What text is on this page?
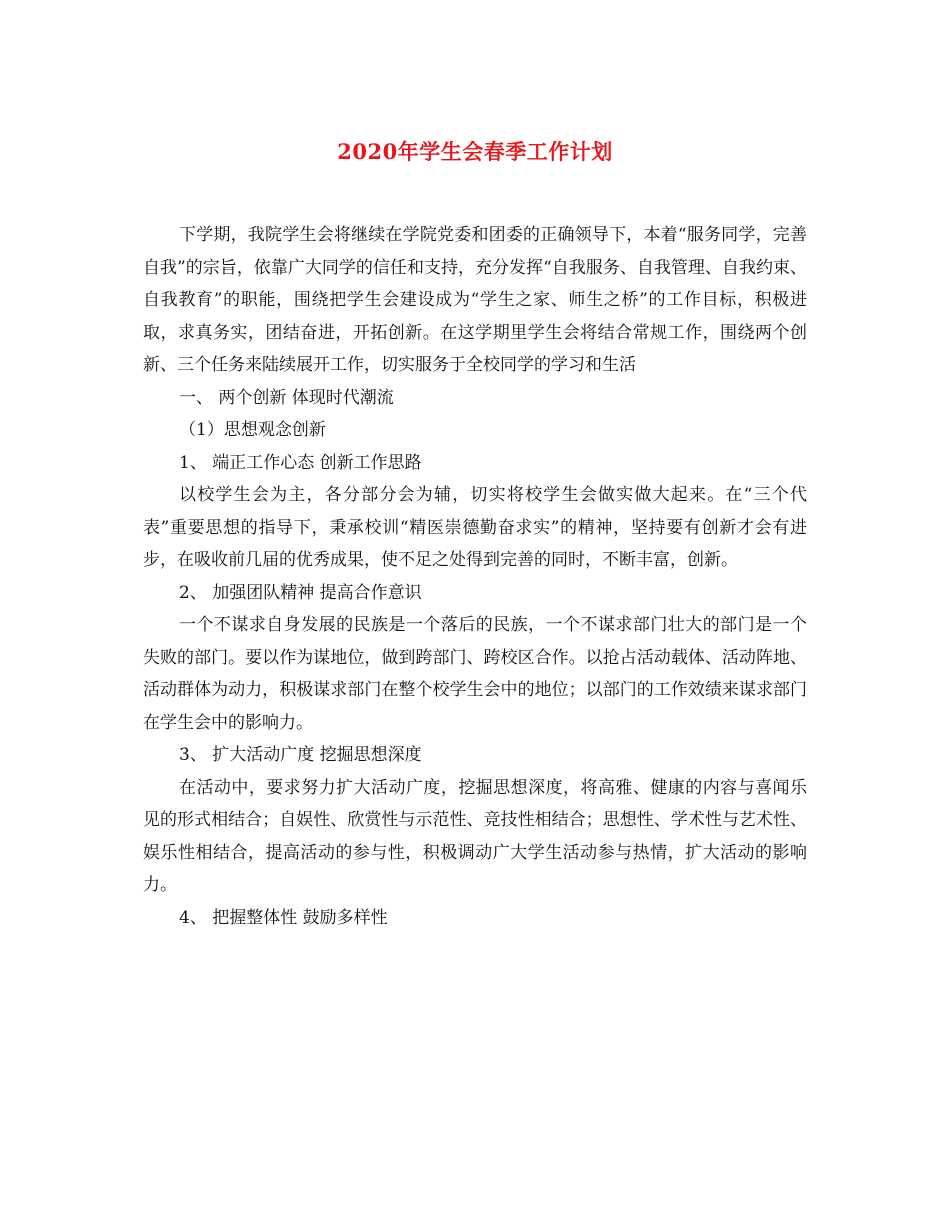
2020年学生会春季工作计划

下学期，我院学生会将继续在学院党委和团委的正确领导下，本着“服务同学，完善自我”的宗旨，依靠广大同学的信任和支持，充分发挥“自我服务、自我管理、自我约束、自我教育”的职能，围绕把学生会建设成为“学生之家、师生之桥”的工作目标，积极进取，求真务实，团结奋进，开拓创新。在这学期里学生会将结合常规工作，围绕两个创新、三个任务来陆续展开工作，切实服务于全校同学的学习和生活

一、 两个创新 体现时代潮流

（1）思想观念创新

1、 端正工作心态 创新工作思路

以校学生会为主，各分部分会为辅，切实将校学生会做实做大起来。在“三个代表”重要思想的指导下，秉承校训“精医崇德勤奋求实”的精神，坚持要有创新才会有进步，在吸收前几届的优秀成果，使不足之处得到完善的同时，不断丰富，创新。

2、 加强团队精神 提高合作意识

一个不谋求自身发展的民族是一个落后的民族，一个不谋求部门壮大的部门是一个失败的部门。要以作为谋地位，做到跨部门、跨校区合作。以抢占活动载体、活动阵地、活动群体为动力，积极谋求部门在整个校学生会中的地位；以部门的工作效绩来谋求部门在学生会中的影响力。

3、 扩大活动广度 挖掘思想深度

在活动中，要求努力扩大活动广度，挖掘思想深度，将高雅、健康的内容与喜闻乐见的形式相结合；自娱性、欣赏性与示范性、竞技性相结合；思想性、学术性与艺术性、娱乐性相结合，提高活动的参与性，积极调动广大学生活动参与热情，扩大活动的影响力。

4、 把握整体性 鼓励多样性
